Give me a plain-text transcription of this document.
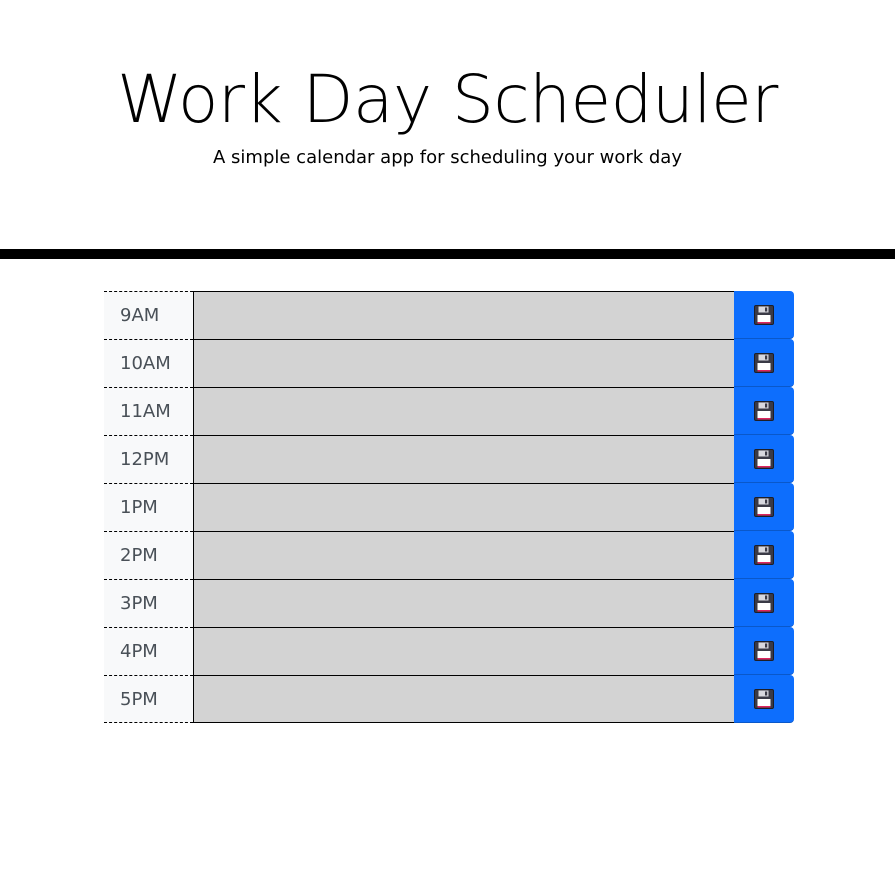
Work Day Scheduler

A simple calendar app for scheduling your work day

9AM
10AM
11AM
12PM
1PM
2PM
3PM
4PM
5PM
